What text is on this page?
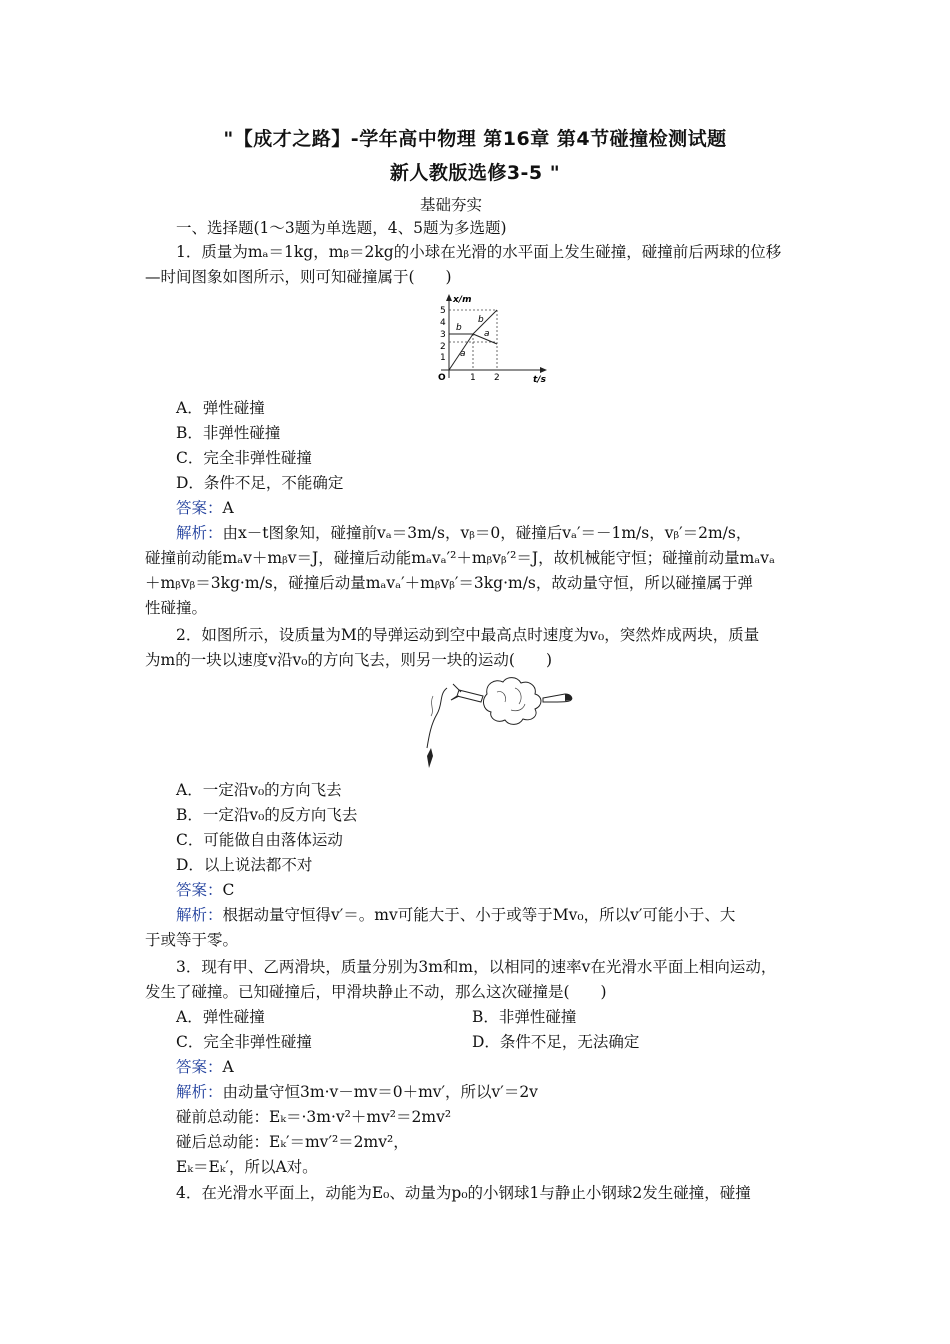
"【成才之路】-学年高中物理 第16章 第4节碰撞检测试题
新人教版选修3-5 "
基础夯实
一、选择题(1～3题为单选题，4、5题为多选题)
1．质量为mₐ＝1kg，mᵦ＝2kg的小球在光滑的水平面上发生碰撞，碰撞前后两球的位移
—时间图象如图所示，则可知碰撞属于(　　)
x/m
t/s
O
1
2
3
4
5
1 2
b
b
a
a
A．弹性碰撞
B．非弹性碰撞
C．完全非弹性碰撞
D．条件不足，不能确定
答案：A
解析：由x－t图象知，碰撞前vₐ＝3m/s，vᵦ＝0，碰撞后vₐ′＝－1m/s，vᵦ′＝2m/s，
碰撞前动能mₐv＋mᵦv＝J，碰撞后动能mₐvₐ′²＋mᵦvᵦ′²＝J，故机械能守恒；碰撞前动量mₐvₐ
＋mᵦvᵦ＝3kg·m/s，碰撞后动量mₐvₐ′＋mᵦvᵦ′＝3kg·m/s，故动量守恒，所以碰撞属于弹
性碰撞。
2．如图所示，设质量为M的导弹运动到空中最高点时速度为v₀，突然炸成两块，质量
为m的一块以速度v沿v₀的方向飞去，则另一块的运动(　　)
A．一定沿v₀的方向飞去
B．一定沿v₀的反方向飞去
C．可能做自由落体运动
D．以上说法都不对
答案：C
解析：根据动量守恒得v′＝。mv可能大于、小于或等于Mv₀，所以v′可能小于、大
于或等于零。
3．现有甲、乙两滑块，质量分别为3m和m，以相同的速率v在光滑水平面上相向运动，
发生了碰撞。已知碰撞后，甲滑块静止不动，那么这次碰撞是(　　)
A．弹性碰撞	B．非弹性碰撞
C．完全非弹性碰撞	D．条件不足，无法确定
答案：A
解析：由动量守恒3m·v－mv＝0＋mv′，所以v′＝2v
碰前总动能：Eₖ＝·3m·v²＋mv²＝2mv²
碰后总动能：Eₖ′＝mv′²＝2mv²，
Eₖ＝Eₖ′，所以A对。
4．在光滑水平面上，动能为E₀、动量为p₀的小钢球1与静止小钢球2发生碰撞，碰撞
